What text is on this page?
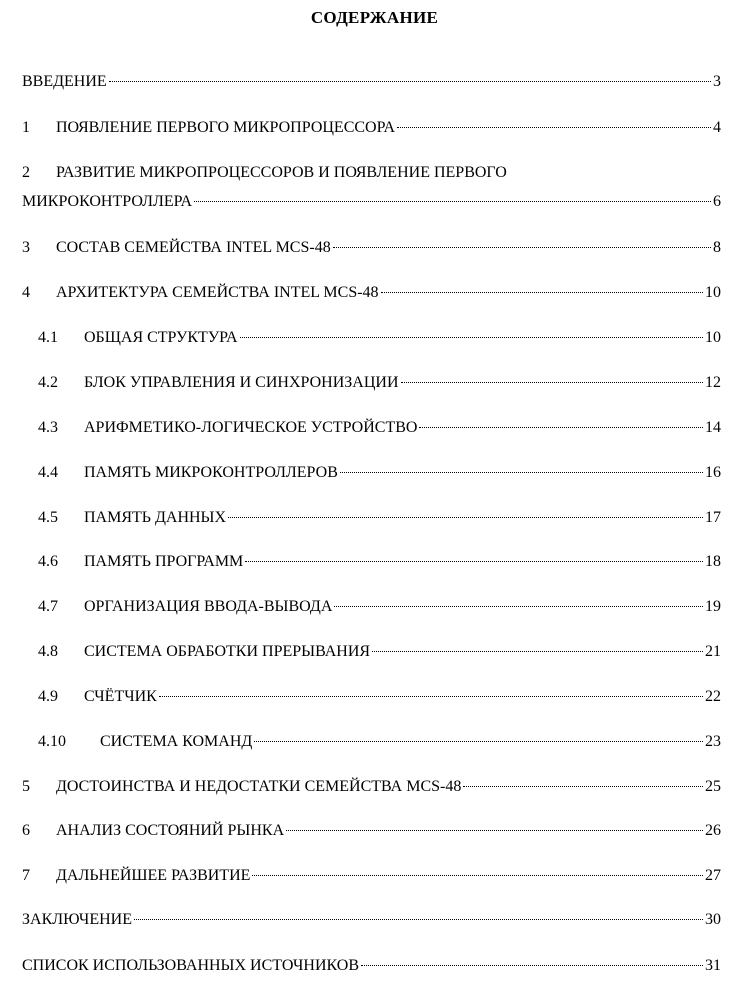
СОДЕРЖАНИЕ
ВВЕДЕНИЕ	3
1	ПОЯВЛЕНИЕ ПЕРВОГО МИКРОПРОЦЕССОРА	4
2 РАЗВИТИЕ МИКРОПРОЦЕССОРОВ И ПОЯВЛЕНИЕ ПЕРВОГО
МИКРОКОНТРОЛЛЕРА	6
3	СОСТАВ СЕМЕЙСТВА INTEL MCS-48	8
4	АРХИТЕКТУРА СЕМЕЙСТВА INTEL MCS-48	10
4.1	ОБЩАЯ СТРУКТУРА	10
4.2	БЛОК УПРАВЛЕНИЯ И СИНХРОНИЗАЦИИ	12
4.3	АРИФМЕТИКО-ЛОГИЧЕСКОЕ УСТРОЙСТВО	14
4.4	ПАМЯТЬ МИКРОКОНТРОЛЛЕРОВ	16
4.5	ПАМЯТЬ ДАННЫХ	17
4.6	ПАМЯТЬ ПРОГРАММ	18
4.7	ОРГАНИЗАЦИЯ ВВОДА-ВЫВОДА	19
4.8	СИСТЕМА ОБРАБОТКИ ПРЕРЫВАНИЯ	21
4.9	СЧЁТЧИК	22
4.10	СИСТЕМА КОМАНД	23
5	ДОСТОИНСТВА И НЕДОСТАТКИ СЕМЕЙСТВА MCS-48	25
6	АНАЛИЗ СОСТОЯНИЙ РЫНКА	26
7	ДАЛЬНЕЙШЕЕ РАЗВИТИЕ	27
ЗАКЛЮЧЕНИЕ	30
СПИСОК ИСПОЛЬЗОВАННЫХ ИСТОЧНИКОВ	31
